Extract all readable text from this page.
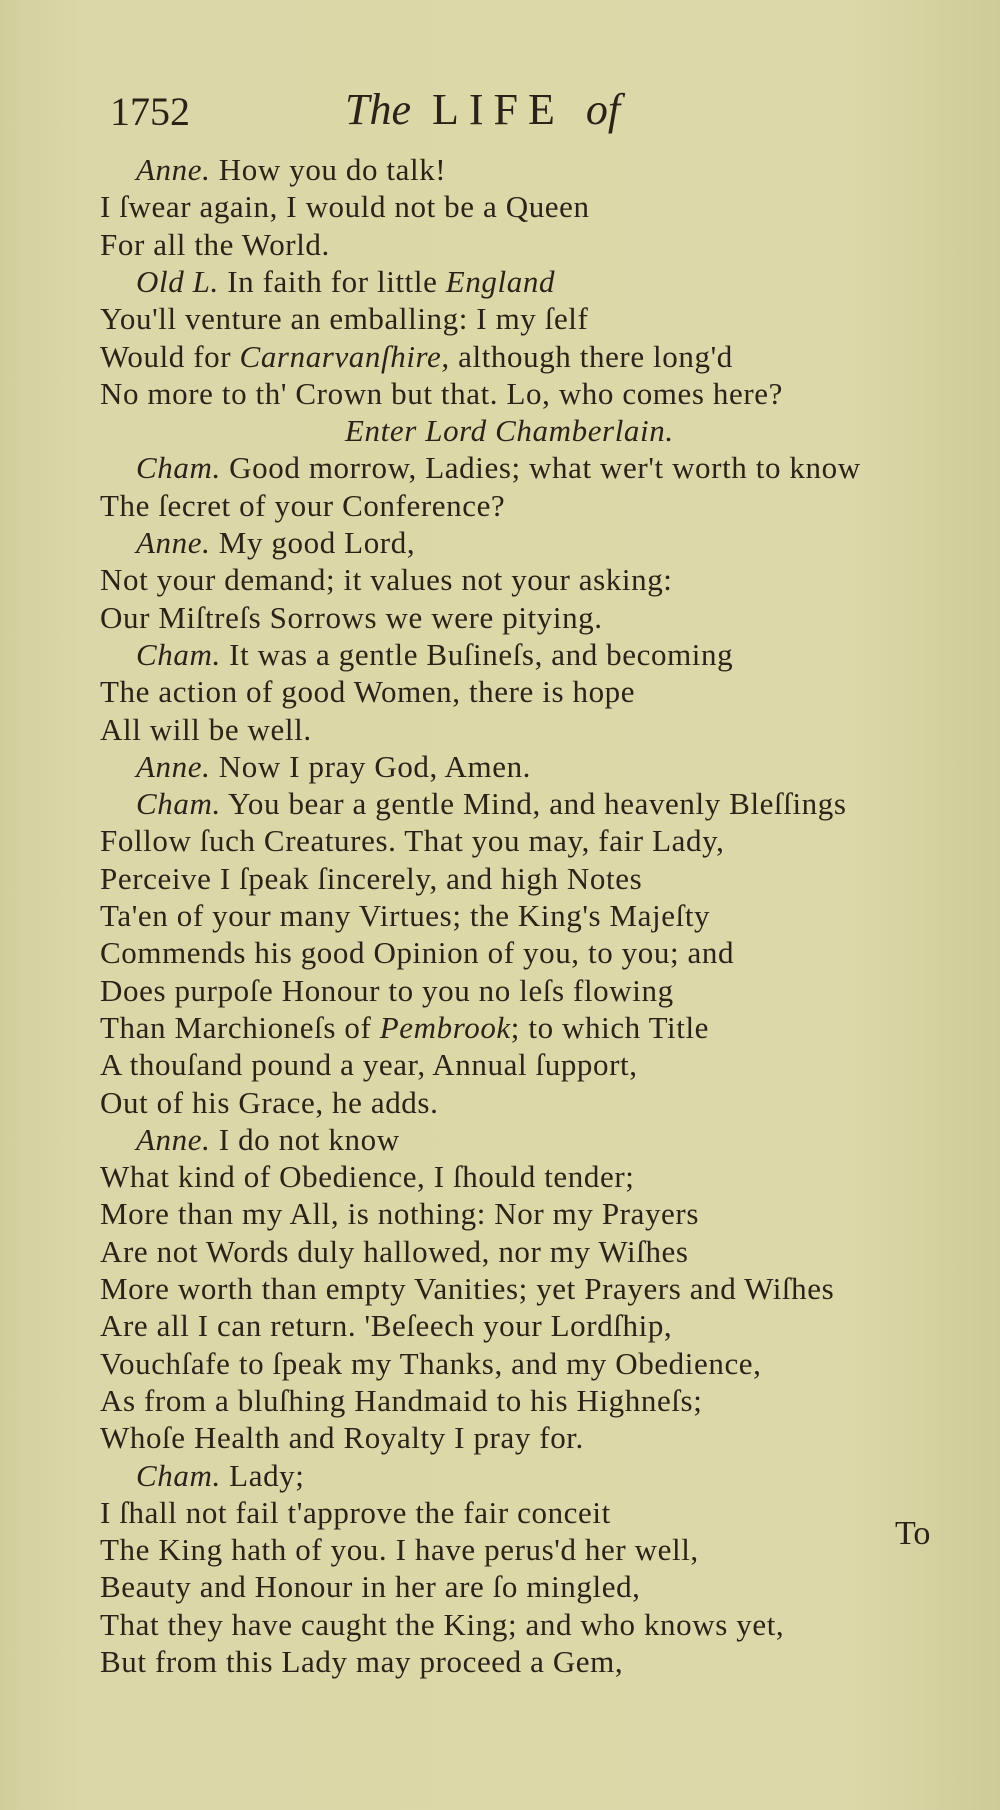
1752	The LIFE of
Anne. How you do talk!
I ſwear again, I would not be a Queen
For all the World.
Old L. In faith for little England
You'll venture an emballing: I my ſelf
Would for Carnarvanſhire, although there long'd
No more to th' Crown but that. Lo, who comes here?
Enter Lord Chamberlain.
Cham. Good morrow, Ladies; what wer't worth to know
The ſecret of your Conference?
Anne. My good Lord,
Not your demand; it values not your asking:
Our Miſtreſs Sorrows we were pitying.
Cham. It was a gentle Buſineſs, and becoming
The action of good Women, there is hope
All will be well.
Anne. Now I pray God, Amen.
Cham. You bear a gentle Mind, and heavenly Bleſſings
Follow ſuch Creatures. That you may, fair Lady,
Perceive I ſpeak ſincerely, and high Notes
Ta'en of your many Virtues; the King's Majeſty
Commends his good Opinion of you, to you; and
Does purpoſe Honour to you no leſs flowing
Than Marchioneſs of Pembrook; to which Title
A thouſand pound a year, Annual ſupport,
Out of his Grace, he adds.
Anne. I do not know
What kind of Obedience, I ſhould tender;
More than my All, is nothing: Nor my Prayers
Are not Words duly hallowed, nor my Wiſhes
More worth than empty Vanities; yet Prayers and Wiſhes
Are all I can return. 'Beſeech your Lordſhip,
Vouchſafe to ſpeak my Thanks, and my Obedience,
As from a bluſhing Handmaid to his Highneſs;
Whoſe Health and Royalty I pray for.
Cham. Lady;
I ſhall not fail t'approve the fair conceit
The King hath of you. I have perus'd her well,
Beauty and Honour in her are ſo mingled,
That they have caught the King; and who knows yet,
But from this Lady may proceed a Gem,
To
